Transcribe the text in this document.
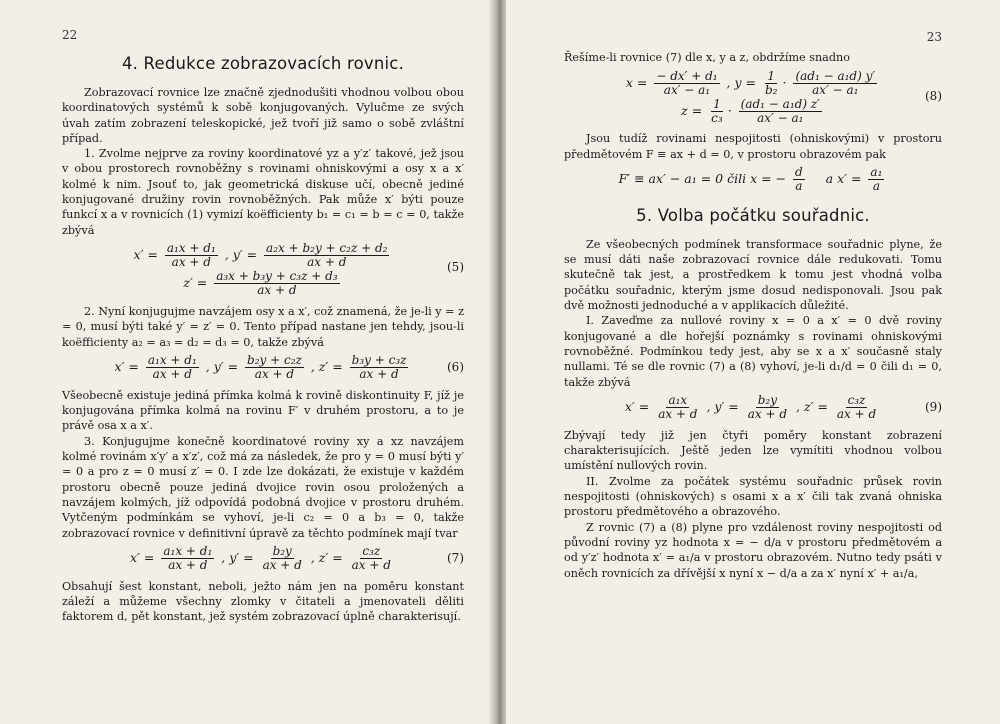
22
4. Redukce zobrazovacích rovnic.

Zobrazovací rovnice lze značně zjednodušiti vhodnou volbou obou koordinatových systémů k sobě konjugovaných. Vylučme ze svých úvah zatím zobrazení teleskopické, jež tvoří již samo o sobě zvláštní případ.

1. Zvolme nejprve za roviny koordinatové yz a y′z′ takové, jež jsou v obou prostorech rovnoběžny s rovinami ohniskovými a osy x a x′ kolmé k nim. Jsouť to, jak geometrická diskuse učí, obecně jediné konjugované družiny rovin rovnoběžných. Pak může x′ býti pouze funkcí x a v rovnicích (1) vymizí koëfficienty b₁ = c₁ = b = c = 0, takže zbývá

$x' = \frac{\text{a₁x + d₁}}{ax + d}$ , $y' = \frac{\text{a₂x + b₂y + c₂z + d₂}}{ax + d}$
$z' = \frac{\text{a₃x + b₃y + c₃z + d₃}}{ax + d}$
(5)

2. Nyní konjugujme navzájem osy x a x′, což znamená, že je-li y = z = 0, musí býti také y′ = z′ = 0. Tento případ nastane jen tehdy, jsou-li koëfficienty a₂ = a₃ = d₂ = d₃ = 0, takže zbývá

$x' = \frac{\text{a₁x + d₁}}{ax + d}$ , $y' = \frac{\text{b₂y + c₂z}}{ax + d}$ , $z' = \frac{\text{b₃y + c₃z}}{ax + d}$	(6)

Všeobecně existuje jediná přímka kolmá k rovině diskontinuity F, jíž je konjugována přímka kolmá na rovinu F′ v druhém prostoru, a to je právě osa x a x′.

3. Konjugujme konečně koordinatové roviny xy a xz navzájem kolmé rovinám x′y′ a x′z′, což má za následek, že pro y = 0 musí býti y′ = 0 a pro z = 0 musí z′ = 0. I zde lze dokázati, že existuje v každém prostoru obecně pouze jediná dvojice rovin osou proložených a navzájem kolmých, jíž odpovídá podobná dvojice v prostoru druhém. Vytčeným podmínkám se vyhoví, je-li c₂ = 0 a b₃ = 0, takže zobrazovací rovnice v definitivní úpravě za těchto podmínek mají tvar

$x' = \frac{\text{a₁x + d₁}}{ax + d}$ , $y' = \frac{\text{b₂y}}{ax + d}$ , $z' = \frac{\text{c₃z}}{ax + d}$	(7)

Obsahují šest konstant, neboli, ježto nám jen na poměru konstant záleží a můžeme všechny zlomky v čitateli a jmenovateli děliti faktorem d, pět konstant, jež systém zobrazovací úplně charakterisují.

23

Řešíme-li rovnice (7) dle x, y a z, obdržíme snadno

$x = \frac{\text{− dx′ + d₁}}{\text{ax′ − a₁}}$ , $y = \frac{1}{\text{b₂}} \cdot \frac{\text{(ad₁ − a₁d) y′}}{\text{ax′ − a₁}}$
$z = \frac{1}{\text{c₃}} \cdot \frac{\text{(ad₁ − a₁d) z′}}{\text{ax′ − a₁}}$
(8)

Jsou tudíž rovinami nespojitosti (ohniskovými) v prostoru předmětovém F ≡ ax + d = 0, v prostoru obrazovém pak

F′ ≡ ax′ − a₁ = 0 čili x = − $\frac{d}{a}$ a $x' = \frac{\text{a₁}}{a}$
5. Volba počátku souřadnic.

Ze všeobecných podmínek transformace souřadnic plyne, že se musí dáti naše zobrazovací rovnice dále redukovati. Tomu skutečně tak jest, a prostředkem k tomu jest vhodná volba počátku souřadnic, kterým jsme dosud nedisponovali. Jsou pak dvě možnosti jednoduché a v applikacích důležité.

I. Zaveďme za nullové roviny x = 0 a x′ = 0 dvě roviny konjugované a dle hořejší poznámky s rovinami ohniskovými rovnoběžné. Podmínkou tedy jest, aby se x a x′ současně staly nullami. Té se dle rovnic (7) a (8) vyhoví, je-li d₁/d = 0 čili d₁ = 0, takže zbývá

$x' = \frac{\text{a₁x}}{ax + d}$ , $y' = \frac{\text{b₂y}}{ax + d}$ , $z' = \frac{\text{c₃z}}{ax + d}$	(9)

Zbývají tedy již jen čtyři poměry konstant zobrazení charakterisujících. Ještě jeden lze vymítiti vhodnou volbou umístění nullových rovin.

II. Zvolme za počátek systému souřadnic průsek rovin nespojitosti (ohniskových) s osami x a x′ čili tak zvaná ohniska prostoru předmětového a obrazového.

Z rovnic (7) a (8) plyne pro vzdálenost roviny nespojitosti od původní roviny yz hodnota x = − d/a v prostoru předmětovém a od y′z′ hodnota x′ = a₁/a v prostoru obrazovém. Nutno tedy psáti v oněch rovnicích za dřívější x nyní x − d/a a za x′ nyní x′ + a₁/a,
